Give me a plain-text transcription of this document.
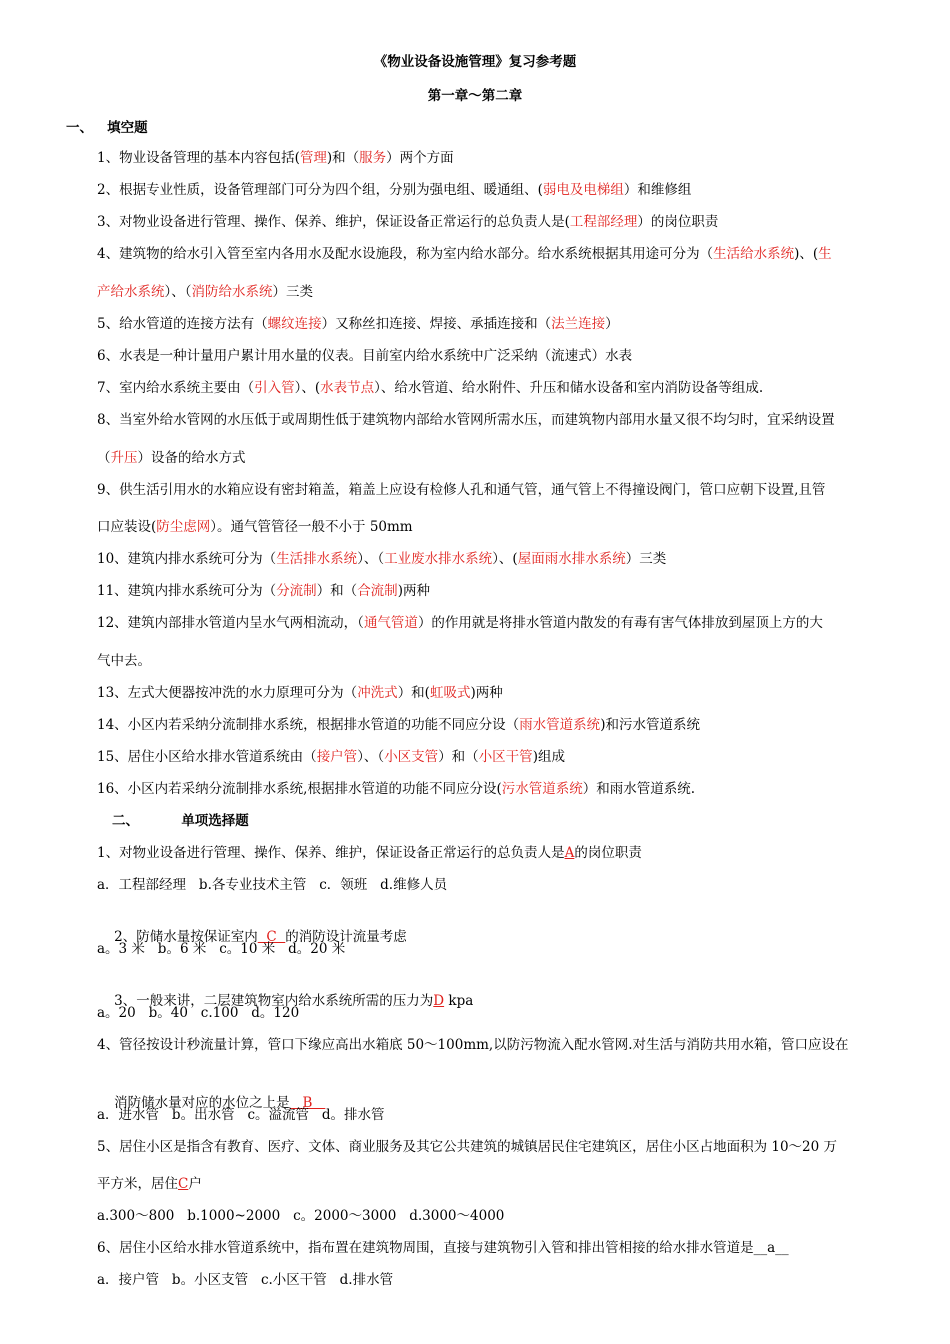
《物业设备设施管理》复习参考题
第一章～第二章
一、 填空题
1、物业设备管理的基本内容包括(管理)和（服务）两个方面
2、根据专业性质，设备管理部门可分为四个组，分别为强电组、暖通组、(弱电及电梯组）和维修组
3、对物业设备进行管理、操作、保养、维护，保证设备正常运行的总负责人是(工程部经理）的岗位职责
4、建筑物的给水引入管至室内各用水及配水设施段，称为室内给水部分。给水系统根据其用途可分为（生活给水系统)、(生
产给水系统）、（消防给水系统）三类
5、给水管道的连接方法有（螺纹连接）又称丝扣连接、焊接、承插连接和（法兰连接）
6、水表是一种计量用户累计用水量的仪表。目前室内给水系统中广泛采纳（流速式）水表
7、室内给水系统主要由（引入管）、(水表节点）、给水管道、给水附件、升压和储水设备和室内消防设备等组成.
8、当室外给水管网的水压低于或周期性低于建筑物内部给水管网所需水压，而建筑物内部用水量又很不均匀时，宜采纳设置
（升压）设备的给水方式
9、供生活引用水的水箱应设有密封箱盖，箱盖上应设有检修人孔和通气管，通气管上不得撞设阀门，管口应朝下设置,且管
口应装设(防尘虑网）。通气管管径一般不小于 50mm
10、建筑内排水系统可分为（生活排水系统）、（工业废水排水系统）、(屋面雨水排水系统）三类
11、建筑内排水系统可分为（分流制）和（合流制)两种
12、建筑内部排水管道内呈水气两相流动，（通气管道）的作用就是将排水管道内散发的有毒有害气体排放到屋顶上方的大
气中去。
13、左式大便器按冲洗的水力原理可分为（冲洗式）和(虹吸式)两种
14、小区内若采纳分流制排水系统，根据排水管道的功能不同应分设（雨水管道系统)和污水管道系统
15、居住小区给水排水管道系统由（接户管）、（小区支管）和（小区干管)组成
16、小区内若采纳分流制排水系统,根据排水管道的功能不同应分设(污水管道系统）和雨水管道系统.
二、	单项选择题
1、对物业设备进行管理、操作、保养、维护，保证设备正常运行的总负责人是A的岗位职责
a．工程部经理   b.各专业技术主管   c．领班   d.维修人员

2、防储水量按保证室内  C  的消防设计流量考虑

a。3 米   b。6 米   c。10 米   d。20 米

3、一般来讲，二层建筑物室内给水系统所需的压力为D kpa

a。20   b。40   c.100   d。120
4、管径按设计秒流量计算，管口下缘应高出水箱底 50～100mm,以防污物流入配水管网.对生活与消防共用水箱，管口应设在

消防储水量对应的水位之上是   B

a．进水管   b。出水管   c。溢流管   d。排水管
5、居住小区是指含有教育、医疗、文体、商业服务及其它公共建筑的城镇居民住宅建筑区，居住小区占地面积为 10～20 万
平方米，居住C户
a.300～800   b.1000~2000   c。2000～3000   d.3000～4000
6、居住小区给水排水管道系统中，指布置在建筑物周围，直接与建筑物引入管和排出管相接的给水排水管道是__a__
a．接户管   b。小区支管   c.小区干管   d.排水管
